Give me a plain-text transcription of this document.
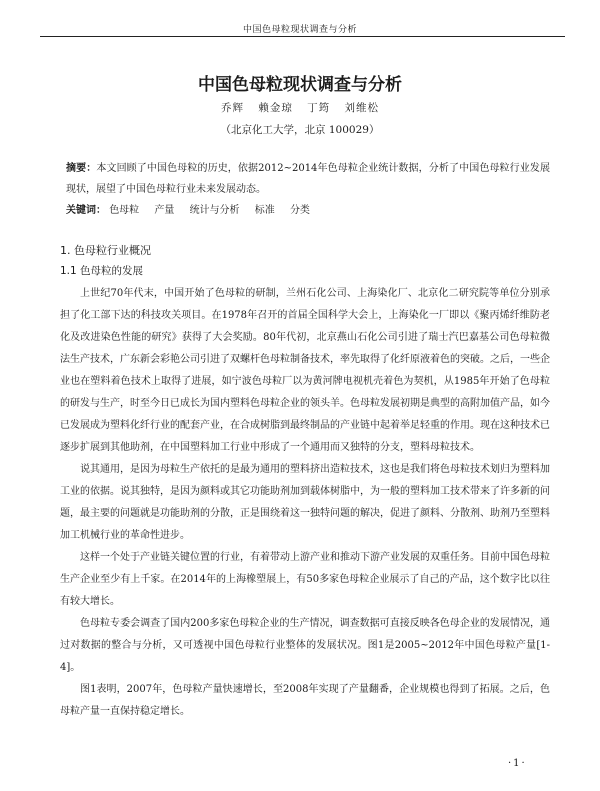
中国色母粒现状调查与分析
中国色母粒现状调查与分析
乔辉 赖金琼 丁筠 刘维松
（北京化工大学，北京 100029）
摘要：本文回顾了中国色母粒的历史，依据2012~2014年色母粒企业统计数据，分析了中国色母粒行业发展现状，展望了中国色母粒行业未来发展动态。
关键词： 色母粒 产量 统计与分析 标准 分类
1. 色母粒行业概况
1.1 色母粒的发展

上世纪70年代末，中国开始了色母粒的研制，兰州石化公司、上海染化厂、北京化二研究院等单位分别承担了化工部下达的科技攻关项目。在1978年召开的首届全国科学大会上，上海染化一厂即以《聚丙烯纤维防老化及改进染色性能的研究》获得了大会奖励。80年代初，北京燕山石化公司引进了瑞士汽巴嘉基公司色母粒微法生产技术，广东新会彩艳公司引进了双螺杆色母粒制备技术，率先取得了化纤原液着色的突破。之后，一些企业也在塑料着色技术上取得了进展，如宁波色母粒厂以为黄河牌电视机壳着色为契机，从1985年开始了色母粒的研发与生产，时至今日已成长为国内塑料色母粒企业的领头羊。色母粒发展初期是典型的高附加值产品，如今已发展成为塑料化纤行业的配套产业，在合成树脂到最终制品的产业链中起着举足轻重的作用。现在这种技术已逐步扩展到其他助剂，在中国塑料加工行业中形成了一个通用而又独特的分支，塑料母粒技术。

说其通用，是因为母粒生产依托的是最为通用的塑料挤出造粒技术，这也是我们将色母粒技术划归为塑料加工业的依据。说其独特，是因为颜料或其它功能助剂加到载体树脂中，为一般的塑料加工技术带来了许多新的问题，最主要的问题就是功能助剂的分散，正是围绕着这一独特问题的解决，促进了颜料、分散剂、助剂乃至塑料加工机械行业的革命性进步。

这样一个处于产业链关键位置的行业，有着带动上游产业和推动下游产业发展的双重任务。目前中国色母粒生产企业至少有上千家。在2014年的上海橡塑展上，有50多家色母粒企业展示了自己的产品，这个数字比以往有较大增长。

色母粒专委会调查了国内200多家色母粒企业的生产情况，调查数据可直接反映各色母企业的发展情况，通过对数据的整合与分析，又可透视中国色母粒行业整体的发展状况。图1是2005~2012年中国色母粒产量[1-4]。

图1表明，2007年，色母粒产量快速增长，至2008年实现了产量翻番，企业规模也得到了拓展。之后，色母粒产量一直保持稳定增长。

·1·
